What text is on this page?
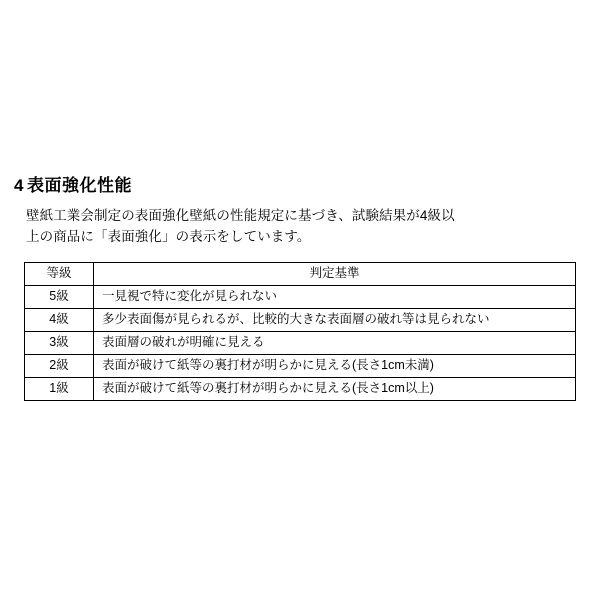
4 表面強化性能
壁紙工業会制定の表面強化壁紙の性能規定に基づき、試験結果が4級以
上の商品に「表面強化」の表示をしています。
等級	判定基準
5級	一見視で特に変化が見られない
4級	多少表面傷が見られるが、比較的大きな表面層の破れ等は見られない
3級	表面層の破れが明確に見える
2級	表面が破けて紙等の裏打材が明らかに見える(長さ1cm未満)
1級	表面が破けて紙等の裏打材が明らかに見える(長さ1cm以上)
